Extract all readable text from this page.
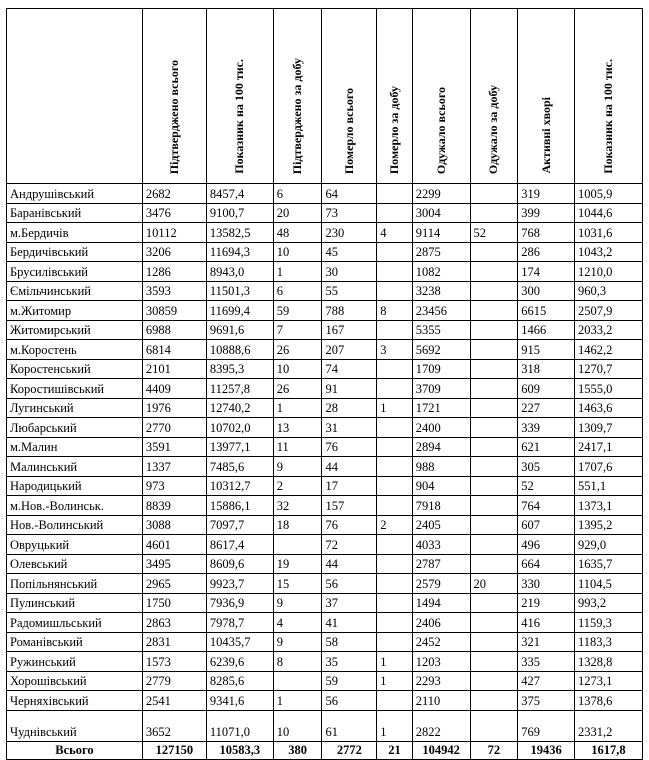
	Підтверджено всього	Показник на 100 тис.	Підтверджено за добу	Померло всього	Померло за добу	Одужало всього	Одужало за добу	Активні хворі	Показник на 100 тис.
Андрушівський	2682	8457,4	6	64		2299		319	1005,9
Баранівський	3476	9100,7	20	73		3004		399	1044,6
м.Бердичів	10112	13582,5	48	230	4	9114	52	768	1031,6
Бердичівський	3206	11694,3	10	45		2875		286	1043,2
Брусилівський	1286	8943,0	1	30		1082		174	1210,0
Ємільчинський	3593	11501,3	6	55		3238		300	960,3
м.Житомир	30859	11699,4	59	788	8	23456		6615	2507,9
Житомирський	6988	9691,6	7	167		5355		1466	2033,2
м.Коростень	6814	10888,6	26	207	3	5692		915	1462,2
Коростенський	2101	8395,3	10	74		1709		318	1270,7
Коростишівський	4409	11257,8	26	91		3709		609	1555,0
Лугинський	1976	12740,2	1	28	1	1721		227	1463,6
Любарський	2770	10702,0	13	31		2400		339	1309,7
м.Малин	3591	13977,1	11	76		2894		621	2417,1
Малинський	1337	7485,6	9	44		988		305	1707,6
Народицький	973	10312,7	2	17		904		52	551,1
м.Нов.-Волинськ.	8839	15886,1	32	157		7918		764	1373,1
Нов.-Волинський	3088	7097,7	18	76	2	2405		607	1395,2
Овруцький	4601	8617,4		72		4033		496	929,0
Олевський	3495	8609,6	19	44		2787		664	1635,7
Попільнянський	2965	9923,7	15	56		2579	20	330	1104,5
Пулинський	1750	7936,9	9	37		1494		219	993,2
Радомишльський	2863	7978,7	4	41		2406		416	1159,3
Романівський	2831	10435,7	9	58		2452		321	1183,3
Ружинський	1573	6239,6	8	35	1	1203		335	1328,8
Хорошівський	2779	8285,6		59	1	2293		427	1273,1
Черняхівський	2541	9341,6	1	56		2110		375	1378,6
Чуднівський	3652	11071,0	10	61	1	2822		769	2331,2
Всього	127150	10583,3	380	2772	21	104942	72	19436	1617,8
